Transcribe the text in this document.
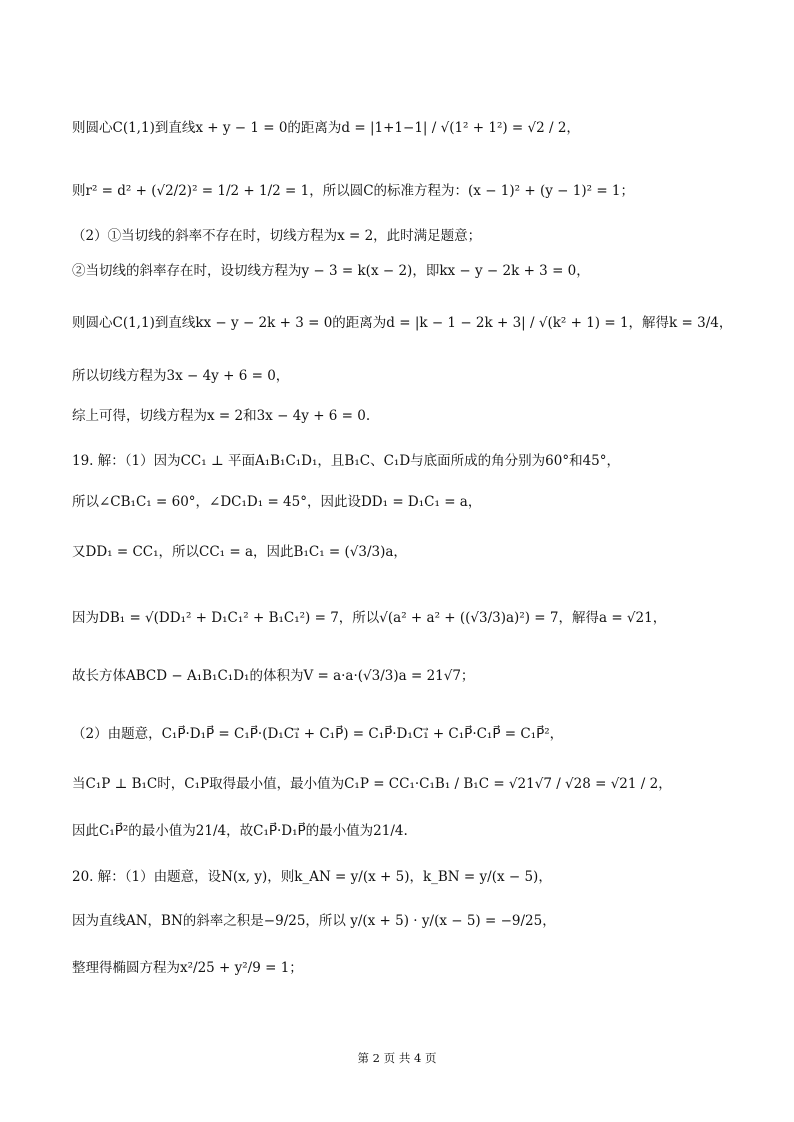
则圆心C(1,1)到直线x + y − 1 = 0的距离为d = |1+1−1| / √(1² + 1²) = √2 / 2，
则r² = d² + (√2/2)² = 1/2 + 1/2 = 1，所以圆C的标准方程为：(x − 1)² + (y − 1)² = 1；
（2）①当切线的斜率不存在时，切线方程为x = 2，此时满足题意；
②当切线的斜率存在时，设切线方程为y − 3 = k(x − 2)，即kx − y − 2k + 3 = 0，
则圆心C(1,1)到直线kx − y − 2k + 3 = 0的距离为d = |k − 1 − 2k + 3| / √(k² + 1) = 1，解得k = 3/4，
所以切线方程为3x − 4y + 6 = 0，
综上可得，切线方程为x = 2和3x − 4y + 6 = 0.
19. 解：（1）因为CC₁ ⊥ 平面A₁B₁C₁D₁，且B₁C、C₁D与底面所成的角分别为60°和45°，
所以∠CB₁C₁ = 60°，∠DC₁D₁ = 45°，因此设DD₁ = D₁C₁ = a，
又DD₁ = CC₁，所以CC₁ = a，因此B₁C₁ = (√3/3)a，
因为DB₁ = √(DD₁² + D₁C₁² + B₁C₁²) = 7，所以√(a² + a² + ((√3/3)a)²) = 7，解得a = √21，
故长方体ABCD − A₁B₁C₁D₁的体积为V = a·a·(√3/3)a = 21√7；
（2）由题意，C₁P⃗·D₁P⃗ = C₁P⃗·(D₁C₁⃗ + C₁P⃗) = C₁P⃗·D₁C₁⃗ + C₁P⃗·C₁P⃗ = C₁P⃗²，
当C₁P ⊥ B₁C时，C₁P取得最小值，最小值为C₁P = CC₁·C₁B₁ / B₁C = √21√7 / √28 = √21 / 2，
因此C₁P⃗²的最小值为21/4，故C₁P⃗·D₁P⃗的最小值为21/4.
20. 解：（1）由题意，设N(x, y)，则k_AN = y/(x + 5)，k_BN = y/(x − 5)，
因为直线AN，BN的斜率之积是−9/25，所以 y/(x + 5) · y/(x − 5) = −9/25，
整理得椭圆方程为x²/25 + y²/9 = 1；
第 2 页 共 4 页
